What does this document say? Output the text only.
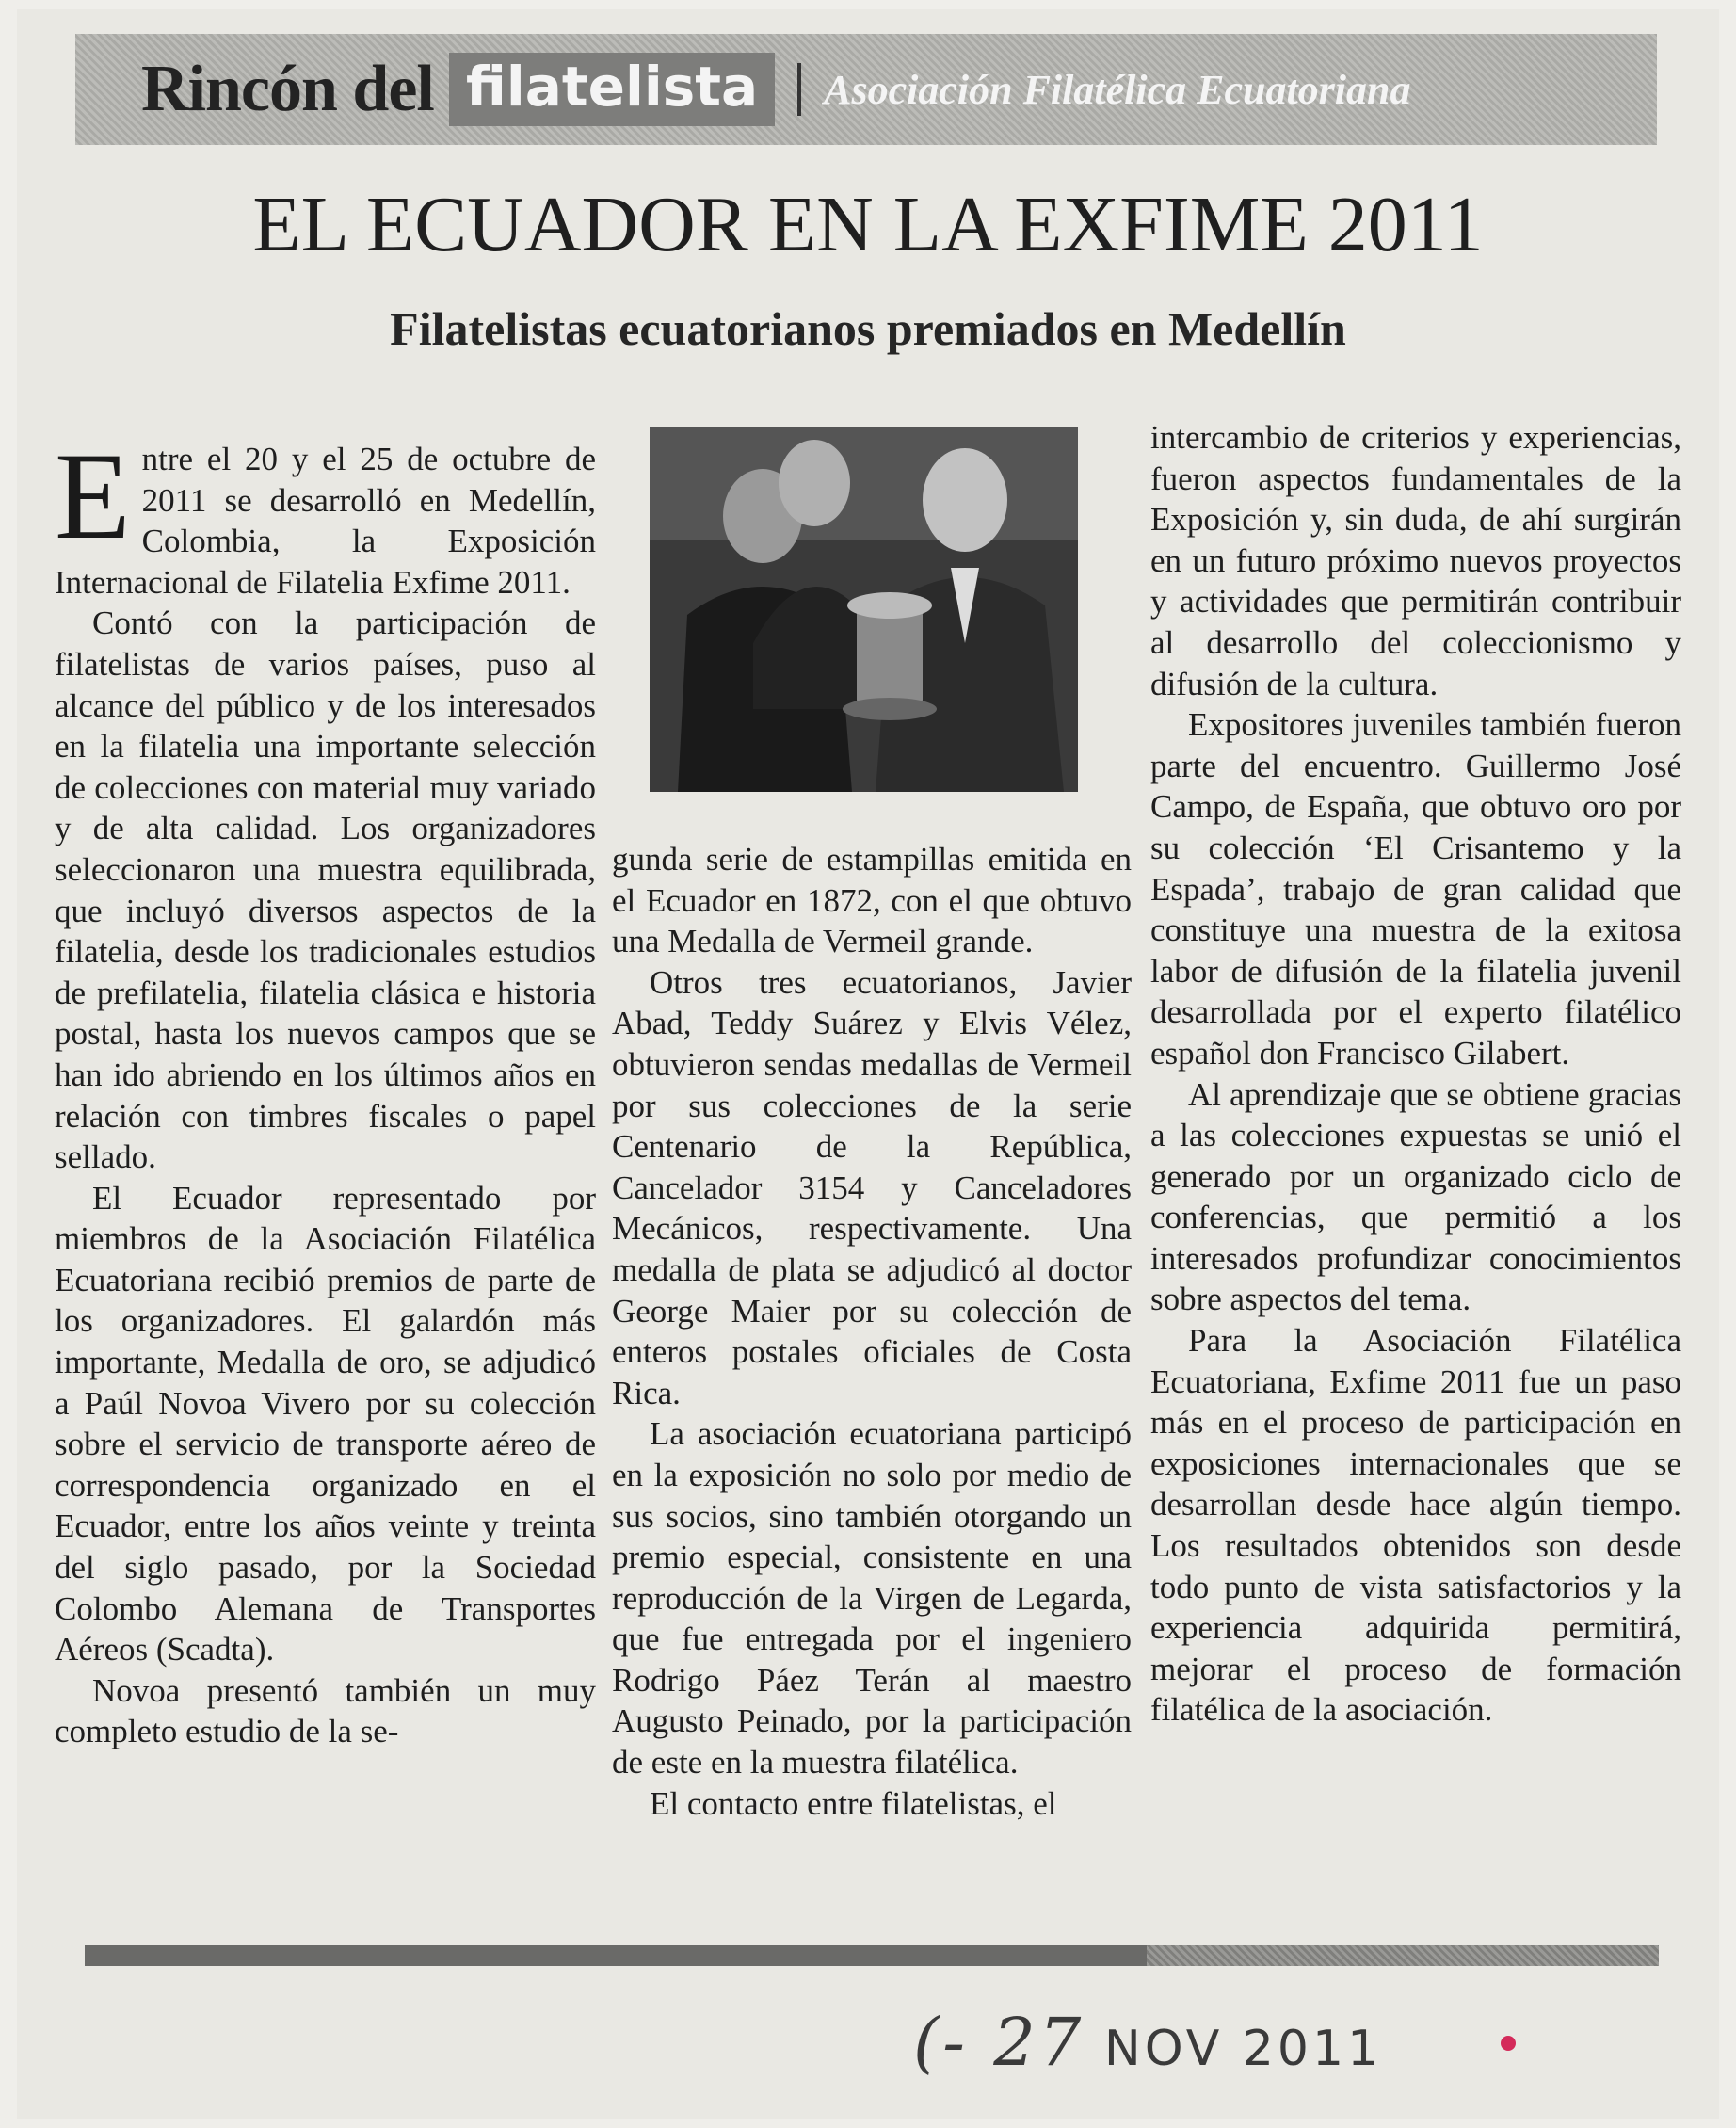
Rincón del filatelista	Asociación Filatélica Ecuatoriana
EL ECUADOR EN LA EXFIME 2011
Filatelistas ecuatorianos premiados en Medellín

Entre el 20 y el 25 de octubre de 2011 se desarrolló en Medellín, Colombia, la Exposición Internacional de Filatelia Exfime 2011.

Contó con la participación de filatelistas de varios países, puso al alcance del público y de los interesados en la filatelia una importante selección de colecciones con material muy variado y de alta calidad. Los organizadores seleccionaron una muestra equilibrada, que incluyó diversos aspectos de la filatelia, desde los tradicionales estudios de prefilatelia, filatelia clásica e historia postal, hasta los nuevos campos que se han ido abriendo en los últimos años en relación con timbres fiscales o papel sellado.

El Ecuador representado por miembros de la Asociación Filatélica Ecuatoriana recibió premios de parte de los organizadores. El galardón más importante, Medalla de oro, se adjudicó a Paúl Novoa Vivero por su colección sobre el servicio de transporte aéreo de correspondencia organizado en el Ecuador, entre los años veinte y treinta del siglo pasado, por la Sociedad Colombo Alemana de Transportes Aéreos (Scadta).

Novoa presentó también un muy completo estudio de la se-

gunda serie de estampillas emitida en el Ecuador en 1872, con el que obtuvo una Medalla de Vermeil grande.

Otros tres ecuatorianos, Javier Abad, Teddy Suárez y Elvis Vélez, obtuvieron sendas medallas de Vermeil por sus colecciones de la serie Centenario de la República, Cancelador 3154 y Canceladores Mecánicos, respectivamente. Una medalla de plata se adjudicó al doctor George Maier por su colección de enteros postales oficiales de Costa Rica.

La asociación ecuatoriana participó en la exposición no solo por medio de sus socios, sino también otorgando un premio especial, consistente en una reproducción de la Virgen de Legarda, que fue entregada por el ingeniero Rodrigo Páez Terán al maestro Augusto Peinado, por la participación de este en la muestra filatélica.

El contacto entre filatelistas, el

intercambio de criterios y experiencias, fueron aspectos fundamentales de la Exposición y, sin duda, de ahí surgirán en un futuro próximo nuevos proyectos y actividades que permitirán contribuir al desarrollo del coleccionismo y difusión de la cultura.

Expositores juveniles también fueron parte del encuentro. Guillermo José Campo, de España, que obtuvo oro por su colección ‘El Crisantemo y la Espada’, trabajo de gran calidad que constituye una muestra de la exitosa labor de difusión de la filatelia juvenil desarrollada por el experto filatélico español don Francisco Gilabert.

Al aprendizaje que se obtiene gracias a las colecciones expuestas se unió el generado por un organizado ciclo de conferencias, que permitió a los interesados profundizar conocimientos sobre aspectos del tema.

Para la Asociación Filatélica Ecuatoriana, Exfime 2011 fue un paso más en el proceso de participación en exposiciones internacionales que se desarrollan desde hace algún tiempo. Los resultados obtenidos son desde todo punto de vista satisfactorios y la experiencia adquirida permitirá, mejorar el proceso de formación filatélica de la asociación.

(- 27 NOV 2011
